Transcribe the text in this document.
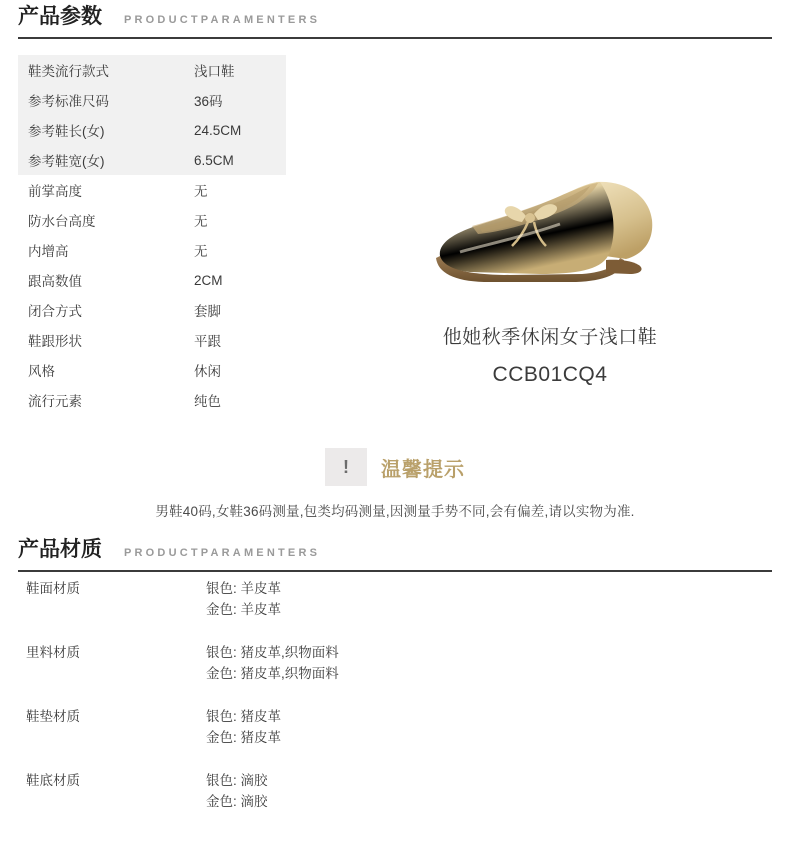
产品参数 PRODUCTPARAMENTERS
鞋类流行款式	浅口鞋
参考标准尺码	36码
参考鞋长(女)	24.5CM
参考鞋宽(女)	6.5CM
前掌高度	无
防水台高度	无
内增高	无
跟高数值	2CM
闭合方式	套脚
鞋跟形状	平跟
风格	休闲
流行元素	纯色
他她秋季休闲女子浅口鞋
CCB01CQ4
!	温馨提示
男鞋40码,女鞋36码测量,包类均码测量,因测量手势不同,会有偏差,请以实物为准.
产品材质 PRODUCTPARAMENTERS
鞋面材质	银色: 羊皮革
金色: 羊皮革
里料材质	银色: 猪皮革,织物面料
金色: 猪皮革,织物面料
鞋垫材质	银色: 猪皮革
金色: 猪皮革
鞋底材质	银色: 滴胶
金色: 滴胶
